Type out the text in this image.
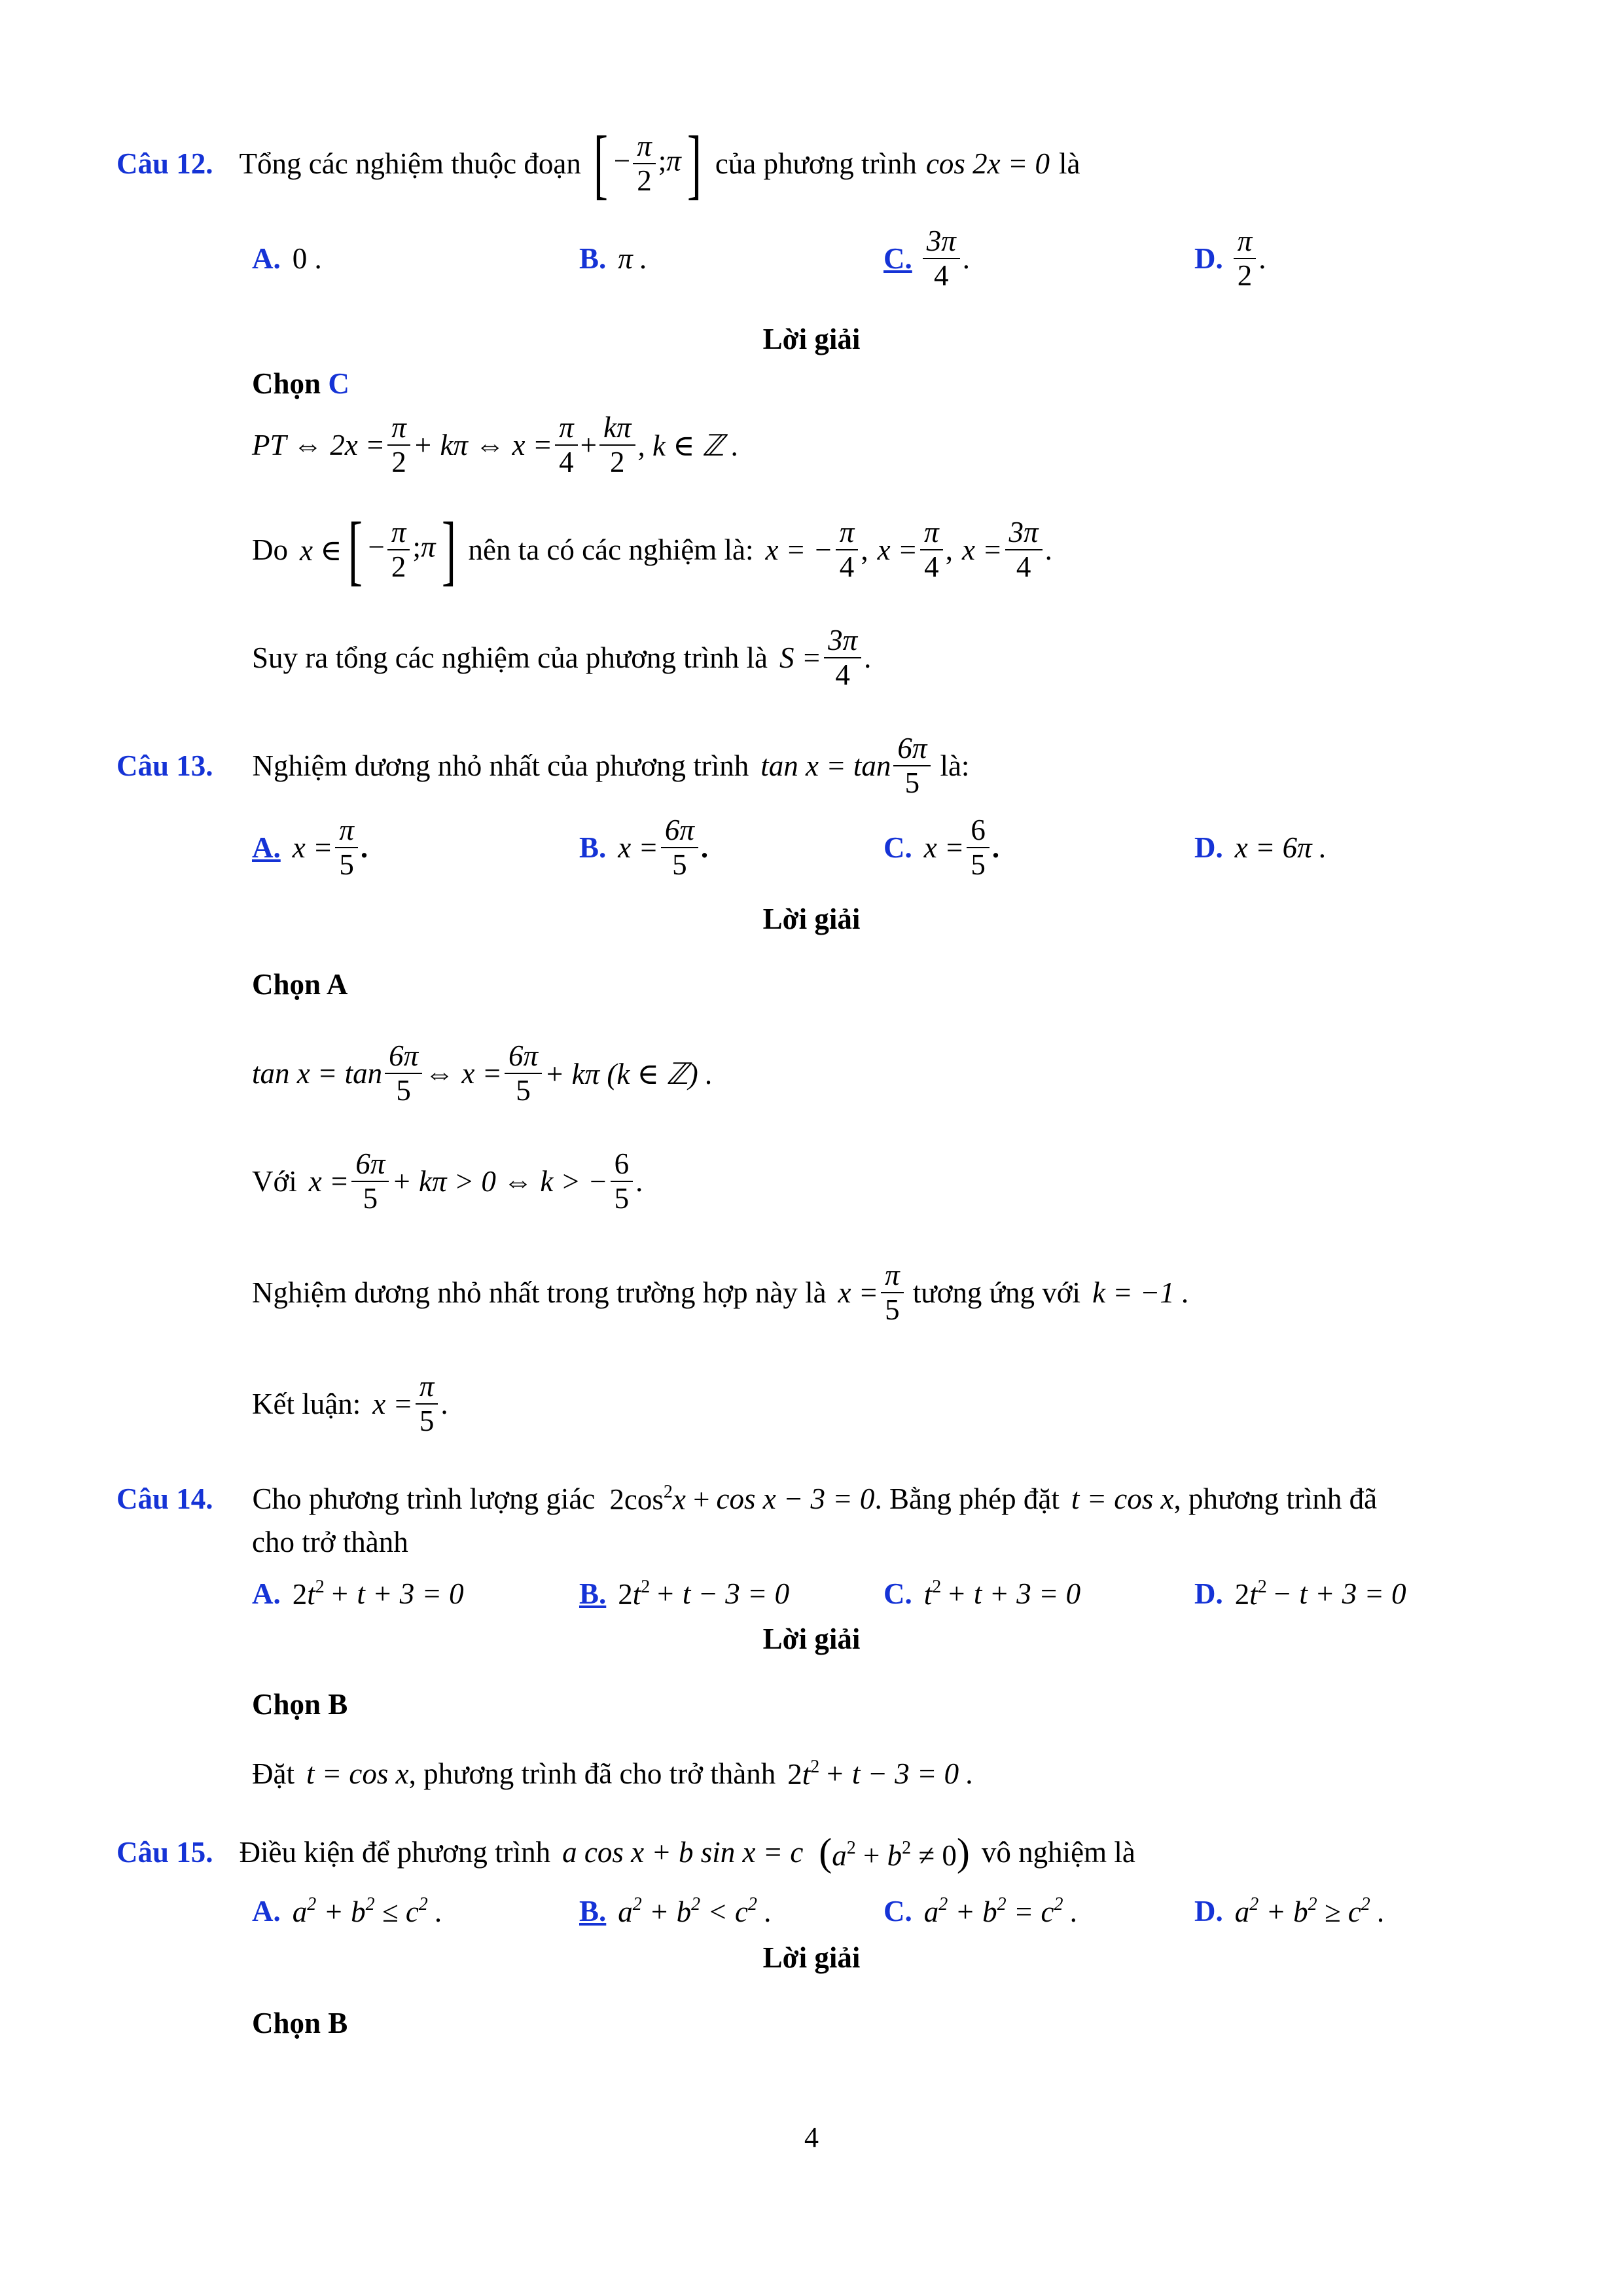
Câu 12. Tổng các nghiệm thuộc đoạn [ − $\frac{\pi}{2}$ ;π ] của phương trình cos 2x = 0 là
A. 0 .	B. π .	C. $\frac{3\pi}{4}$ .	D. $\frac{\pi}{2}$ .
Lời giải
Chọn C
PT ⇔ $2x = \frac{\pi}{2} + k\pi$ ⇔ $x = \frac{\pi}{4} + \frac{k\pi}{2}$ , k ∈ ℤ .
Do x ∈ [ − $\frac{\pi}{2}$ ;π ] nên ta có các nghiệm là: x = − $\frac{\pi}{4}$ , $x = \frac{\pi}{4}$ , $x = \frac{3\pi}{4}$ .
Suy ra tổng các nghiệm của phương trình là $S = \frac{3\pi}{4}$ .
Câu 13. Nghiệm dương nhỏ nhất của phương trình $\tan x = \tan \frac{6\pi}{5}$ là:
A. $x = \frac{\pi}{5}$ .	B. $x = \frac{6\pi}{5}$ .	C. $x = \frac{6}{5}$ .	D. x = 6π .
Lời giải
Chọn A
$\tan x = \tan \frac{6\pi}{5}$ ⇔ $x = \frac{6\pi}{5} + k\pi$ (k ∈ ℤ) .
Với $x = \frac{6\pi}{5} + k\pi > 0$ ⇔ k > − $\frac{6}{5}$ .
Nghiệm dương nhỏ nhất trong trường hợp này là $x = \frac{\pi}{5}$ tương ứng với k = −1 .
Kết luận: $x = \frac{\pi}{5}$ .
Câu 14. Cho phương trình lượng giác $2\cos^2x + \cos x - 3 = 0$ . Bằng phép đặt t = cos x , phương trình đã
cho trở thành
A. $2t^2 + t + 3 = 0$	B. $2t^2 + t - 3 = 0$	C. $t^2 + t + 3 = 0$	D. $2t^2 - t + 3 = 0$
Lời giải
Chọn B
Đặt t = cos x , phương trình đã cho trở thành $2t^2 + t - 3 = 0$ .
Câu 15. Điều kiện để phương trình a cos x + b sin x = c $(a^2 + b^2 \ne 0)$ vô nghiệm là
A. $a^2 + b^2 \le c^2$ .	B. $a^2 + b^2 < c^2$ .	C. $a^2 + b^2 = c^2$ .	D. $a^2 + b^2 \ge c^2$ .
Lời giải
Chọn B
4
